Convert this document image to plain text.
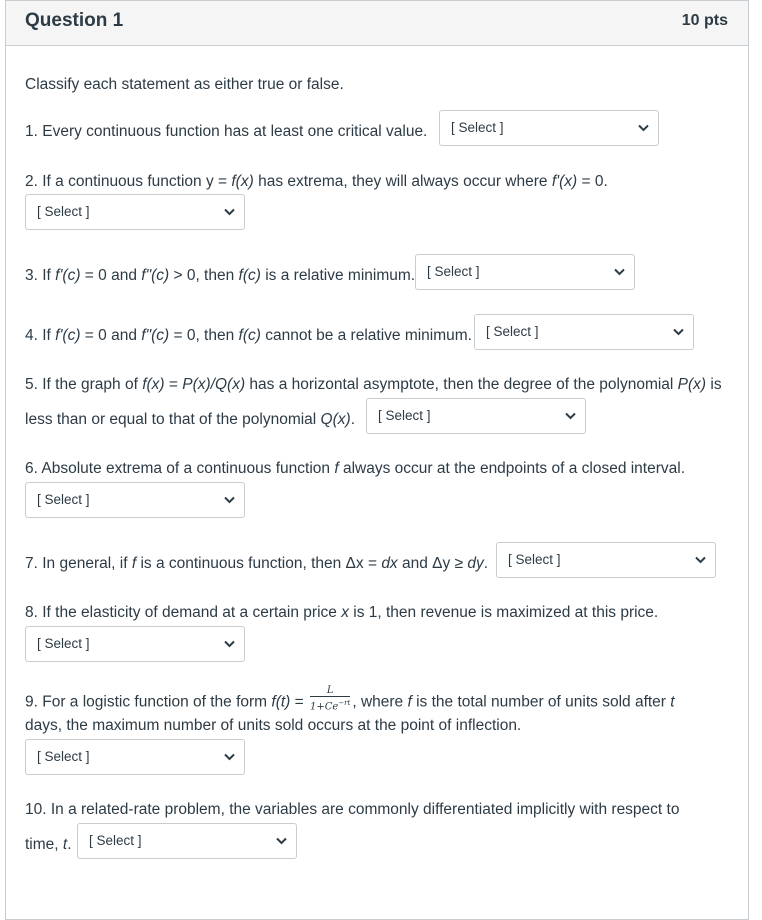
Question 1	10 pts
Classify each statement as either true or false.
1. Every continuous function has at least one critical value. [ Select ]
2. If a continuous function y = f(x) has extrema, they will always occur where f'(x) = 0.
[ Select ]
3. If f'(c) = 0 and f"(c) > 0, then f(c) is a relative minimum. [ Select ]
4. If f'(c) = 0 and f"(c) = 0, then f(c) cannot be a relative minimum. [ Select ]
5. If the graph of f(x) = P(x)/Q(x) has a horizontal asymptote, then the degree of the polynomial P(x) is
less than or equal to that of the polynomial Q(x). [ Select ]
6. Absolute extrema of a continuous function f always occur at the endpoints of a closed interval.
[ Select ]
7. In general, if f is a continuous function, then Δx = dx and Δy ≥ dy. [ Select ]
8. If the elasticity of demand at a certain price x is 1, then revenue is maximized at this price.
[ Select ]
9. For a logistic function of the form $f(t) = \frac{L}{1+Ce^{-rt}}$ , where f is the total number of units sold after t
days, the maximum number of units sold occurs at the point of inflection.
[ Select ]
10. In a related-rate problem, the variables are commonly differentiated implicitly with respect to
time, t. [ Select ]
